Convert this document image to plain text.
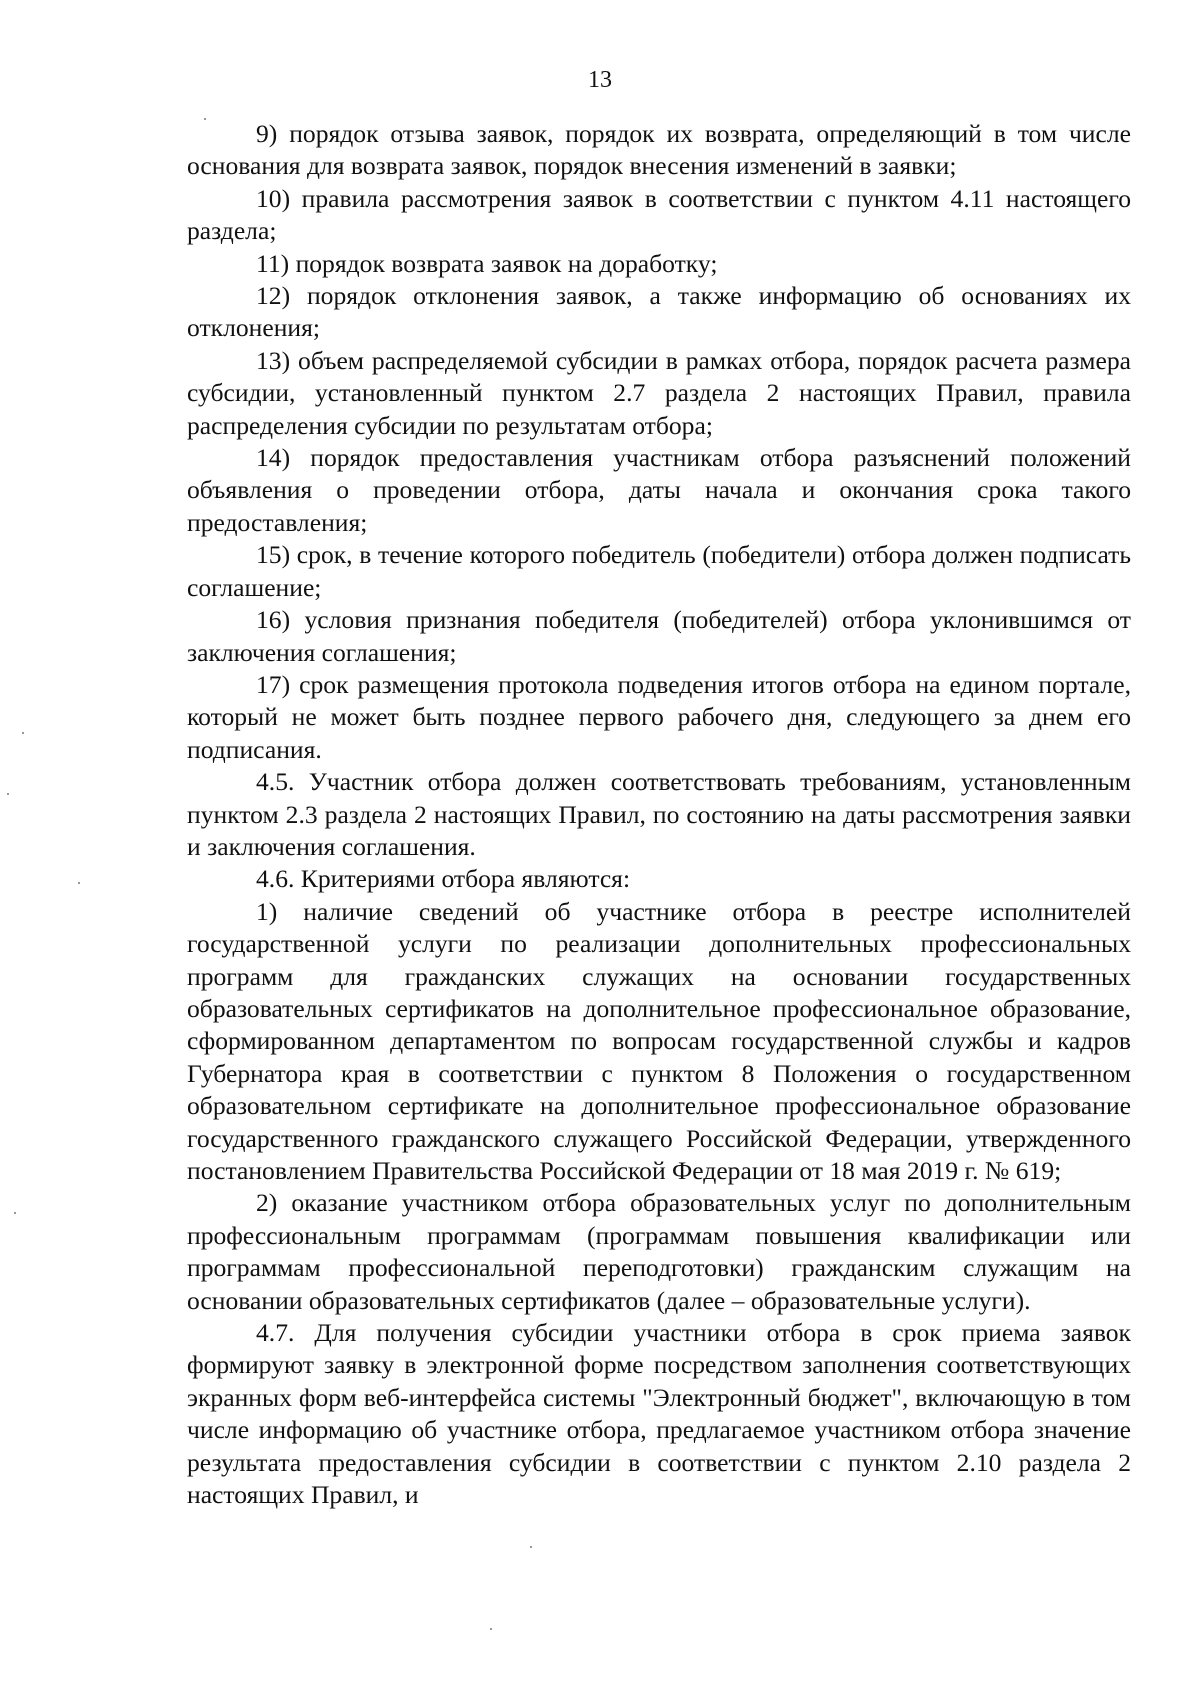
13

9) порядок отзыва заявок, порядок их возврата, определяющий в том числе основания для возврата заявок, порядок внесения изменений в заявки;

10) правила рассмотрения заявок в соответствии с пунктом 4.11 настоящего раздела;

11) порядок возврата заявок на доработку;

12) порядок отклонения заявок, а также информацию об основаниях их отклонения;

13) объем распределяемой субсидии в рамках отбора, порядок расчета размера субсидии, установленный пунктом 2.7 раздела 2 настоящих Правил, правила распределения субсидии по результатам отбора;

14) порядок предоставления участникам отбора разъяснений положений объявления о проведении отбора, даты начала и окончания срока такого предоставления;

15) срок, в течение которого победитель (победители) отбора должен подписать соглашение;

16) условия признания победителя (победителей) отбора уклонившимся от заключения соглашения;

17) срок размещения протокола подведения итогов отбора на едином портале, который не может быть позднее первого рабочего дня, следующего за днем его подписания.

4.5. Участник отбора должен соответствовать требованиям, установленным пунктом 2.3 раздела 2 настоящих Правил, по состоянию на даты рассмотрения заявки и заключения соглашения.

4.6. Критериями отбора являются:

1) наличие сведений об участнике отбора в реестре исполнителей государственной услуги по реализации дополнительных профессиональных программ для гражданских служащих на основании государственных образовательных сертификатов на дополнительное профессиональное образование, сформированном департаментом по вопросам государственной службы и кадров Губернатора края в соответствии с пунктом 8 Положения о государственном образовательном сертификате на дополнительное профессиональное образование государственного гражданского служащего Российской Федерации, утвержденного постановлением Правительства Российской Федерации от 18 мая 2019 г. № 619;

2) оказание участником отбора образовательных услуг по дополнительным профессиональным программам (программам повышения квалификации или программам профессиональной переподготовки) гражданским служащим на основании образовательных сертификатов (далее – образовательные услуги).

4.7. Для получения субсидии участники отбора в срок приема заявок формируют заявку в электронной форме посредством заполнения соответствующих экранных форм веб-интерфейса системы "Электронный бюджет", включающую в том числе информацию об участнике отбора, предлагаемое участником отбора значение результата предоставления субсидии в соответствии с пунктом 2.10 раздела 2 настоящих Правил, и
